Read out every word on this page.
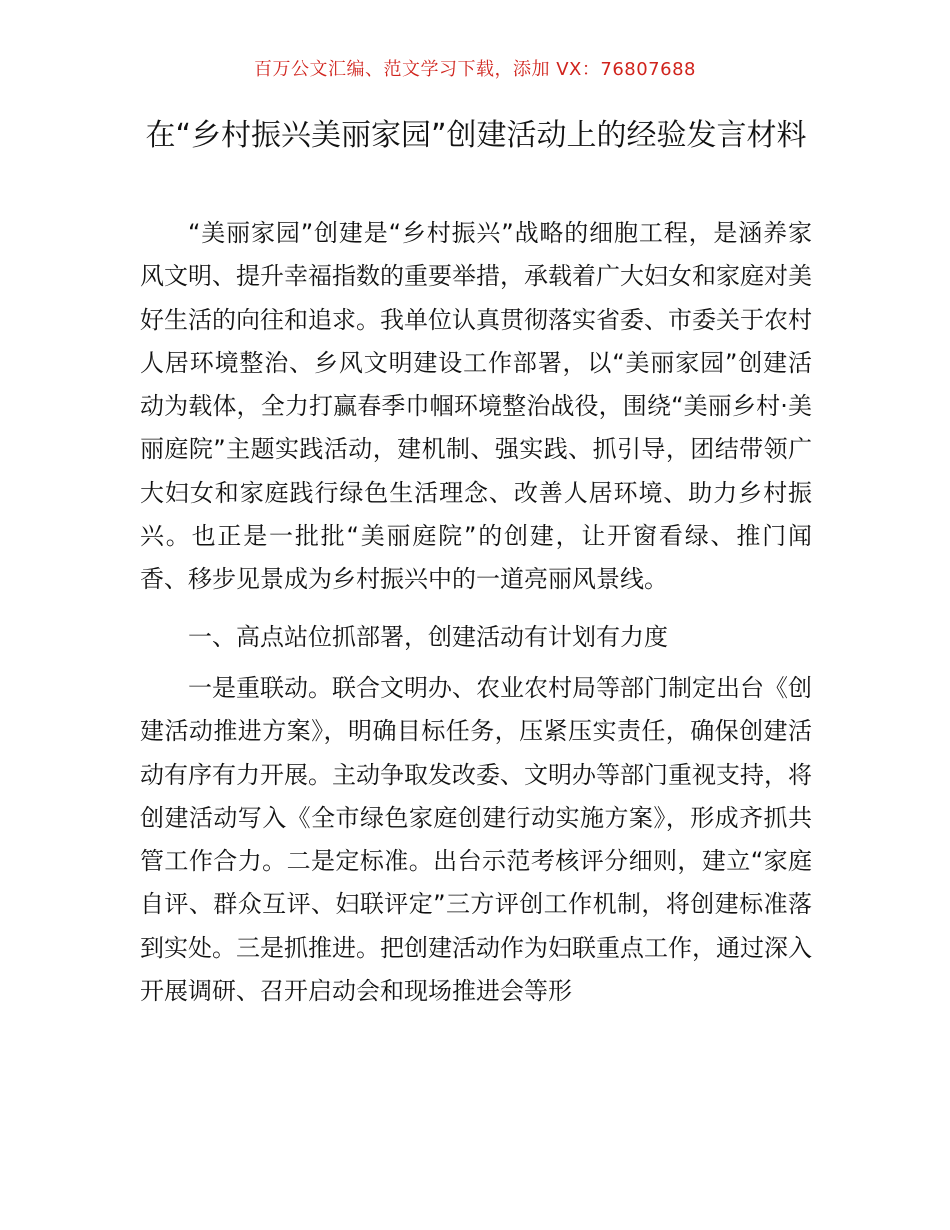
百万公文汇编、范文学习下载，添加 VX：76807688
在“乡村振兴美丽家园”创建活动上的经验发言材料

“美丽家园”创建是“乡村振兴”战略的细胞工程，是涵养家风文明、提升幸福指数的重要举措，承载着广大妇女和家庭对美好生活的向往和追求。我单位认真贯彻落实省委、市委关于农村人居环境整治、乡风文明建设工作部署，以“美丽家园”创建活动为载体，全力打赢春季巾帼环境整治战役，围绕“美丽乡村·美丽庭院”主题实践活动，建机制、强实践、抓引导，团结带领广大妇女和家庭践行绿色生活理念、改善人居环境、助力乡村振兴。也正是一批批“美丽庭院”的创建，让开窗看绿、推门闻香、移步见景成为乡村振兴中的一道亮丽风景线。

一、高点站位抓部署，创建活动有计划有力度

一是重联动。联合文明办、农业农村局等部门制定出台《创建活动推进方案》，明确目标任务，压紧压实责任，确保创建活动有序有力开展。主动争取发改委、文明办等部门重视支持，将创建活动写入《全市绿色家庭创建行动实施方案》，形成齐抓共管工作合力。二是定标准。出台示范考核评分细则，建立“家庭自评、群众互评、妇联评定”三方评创工作机制，将创建标准落到实处。三是抓推进。把创建活动作为妇联重点工作，通过深入开展调研、召开启动会和现场推进会等形
